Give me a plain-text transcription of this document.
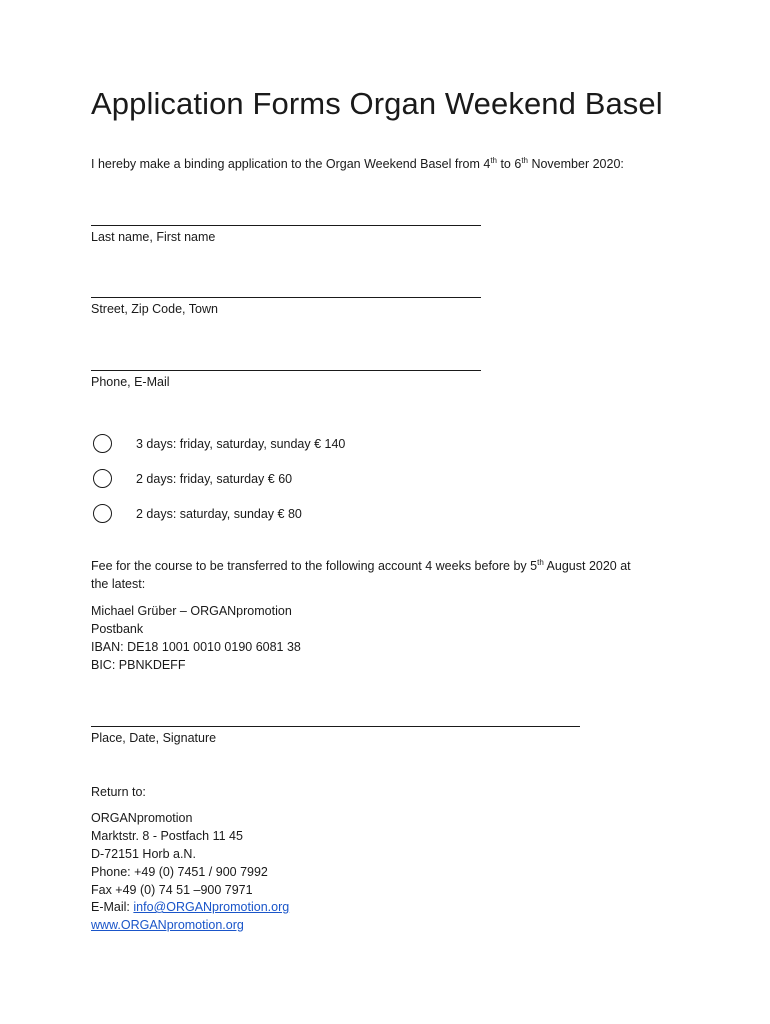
Application Forms Organ Weekend Basel
I hereby make a binding application to the Organ Weekend Basel from 4th to 6th November 2020:
Last name, First name
Street, Zip Code, Town
Phone, E-Mail
3 days: friday, saturday, sunday € 140
2 days: friday, saturday € 60
2 days: saturday, sunday € 80
Fee for the course to be transferred to the following account 4 weeks before by 5th August 2020 at
the latest:
Michael Grüber – ORGANpromotion
Postbank
IBAN: DE18 1001 0010 0190 6081 38
BIC: PBNKDEFF
Place, Date, Signature
Return to:
ORGANpromotion
Marktstr. 8 - Postfach 11 45
D-72151 Horb a.N.
Phone: +49 (0) 7451 / 900 7992
Fax +49 (0) 74 51 –900 7971
E-Mail: info@ORGANpromotion.org
www.ORGANpromotion.org
